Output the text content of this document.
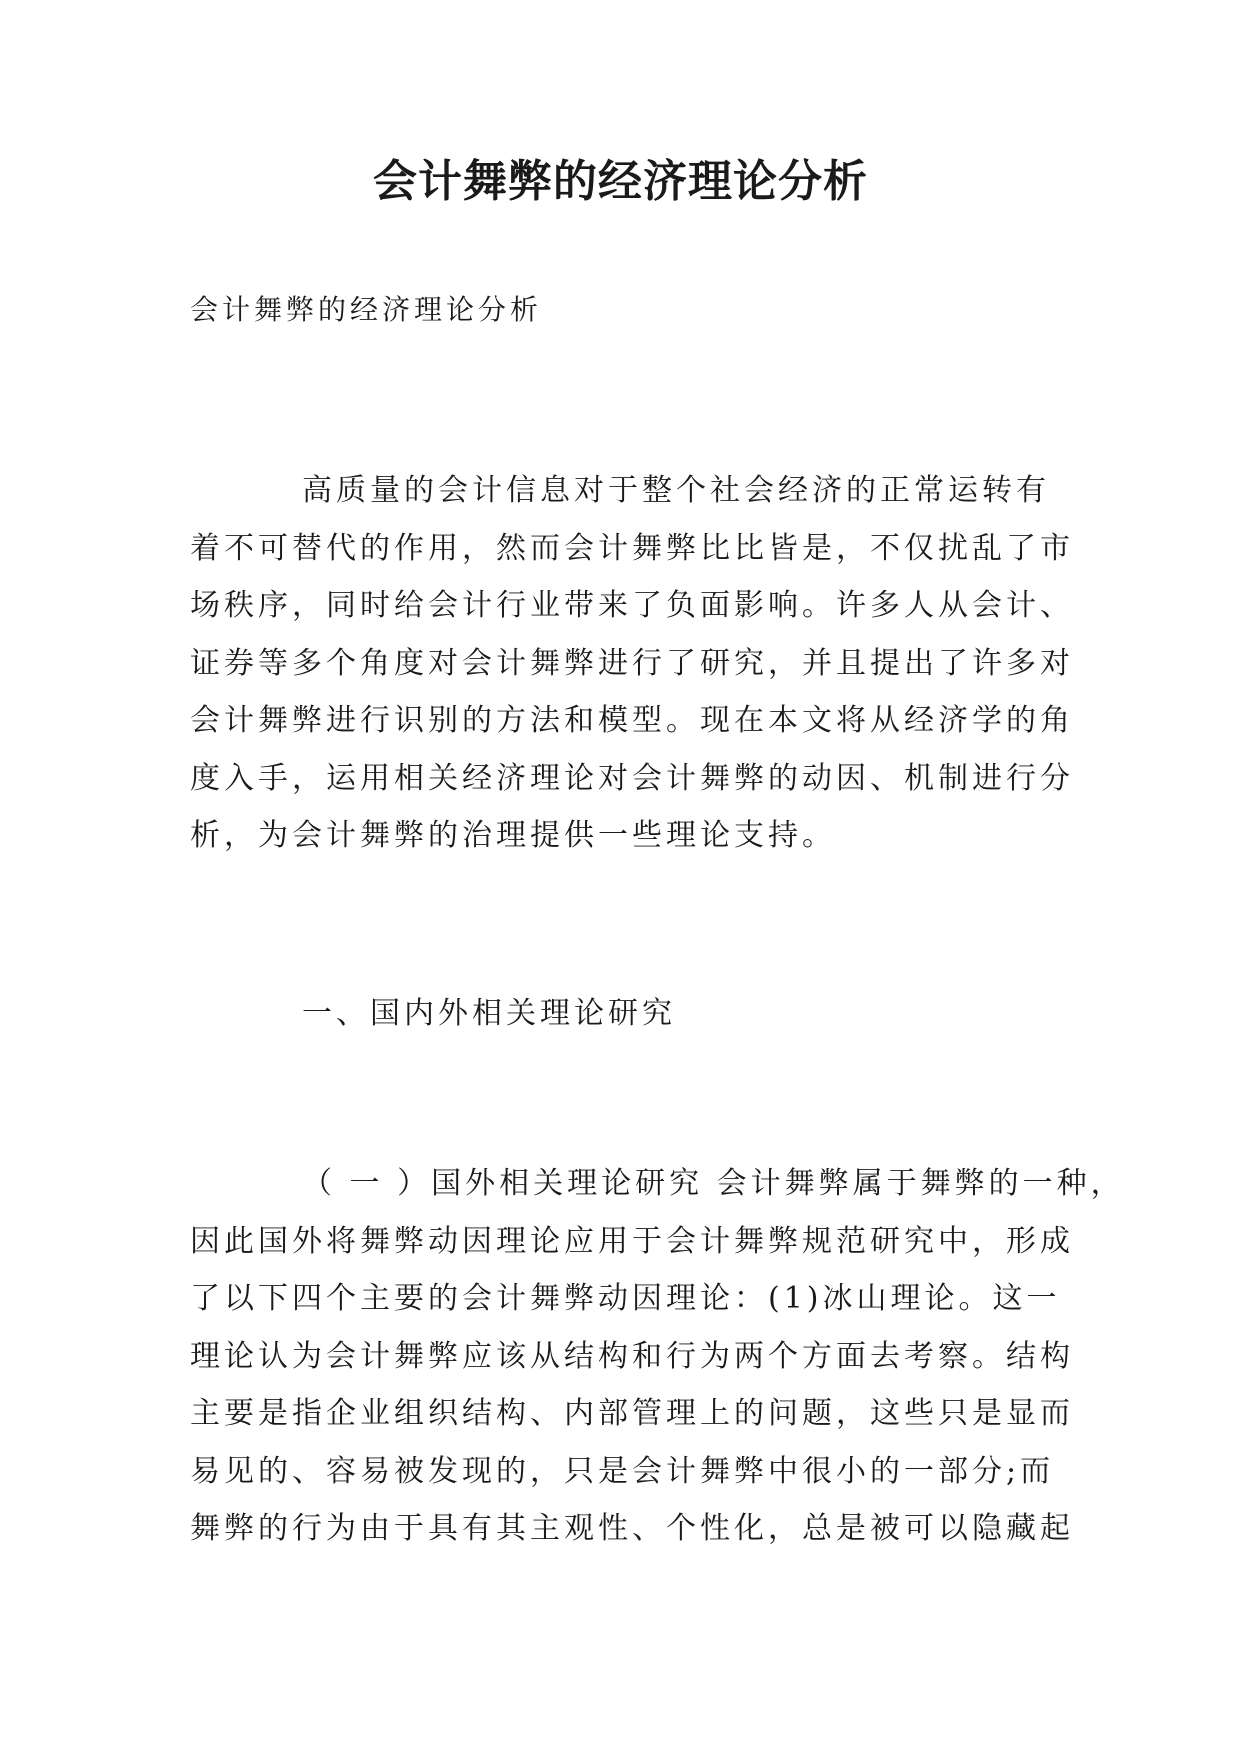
会计舞弊的经济理论分析

会计舞弊的经济理论分析

高质量的会计信息对于整个社会经济的正常运转有
着不可替代的作用，然而会计舞弊比比皆是，不仅扰乱了市
场秩序，同时给会计行业带来了负面影响。许多人从会计、
证券等多个角度对会计舞弊进行了研究，并且提出了许多对
会计舞弊进行识别的方法和模型。现在本文将从经济学的角
度入手，运用相关经济理论对会计舞弊的动因、机制进行分
析，为会计舞弊的治理提供一些理论支持。

一、国内外相关理论研究

（ 一 ）国外相关理论研究 会计舞弊属于舞弊的一种，
因此国外将舞弊动因理论应用于会计舞弊规范研究中，形成
了以下四个主要的会计舞弊动因理论：(1)冰山理论。这一
理论认为会计舞弊应该从结构和行为两个方面去考察。结构
主要是指企业组织结构、内部管理上的问题，这些只是显而
易见的、容易被发现的，只是会计舞弊中很小的一部分;而
舞弊的行为由于具有其主观性、个性化，总是被可以隐藏起
